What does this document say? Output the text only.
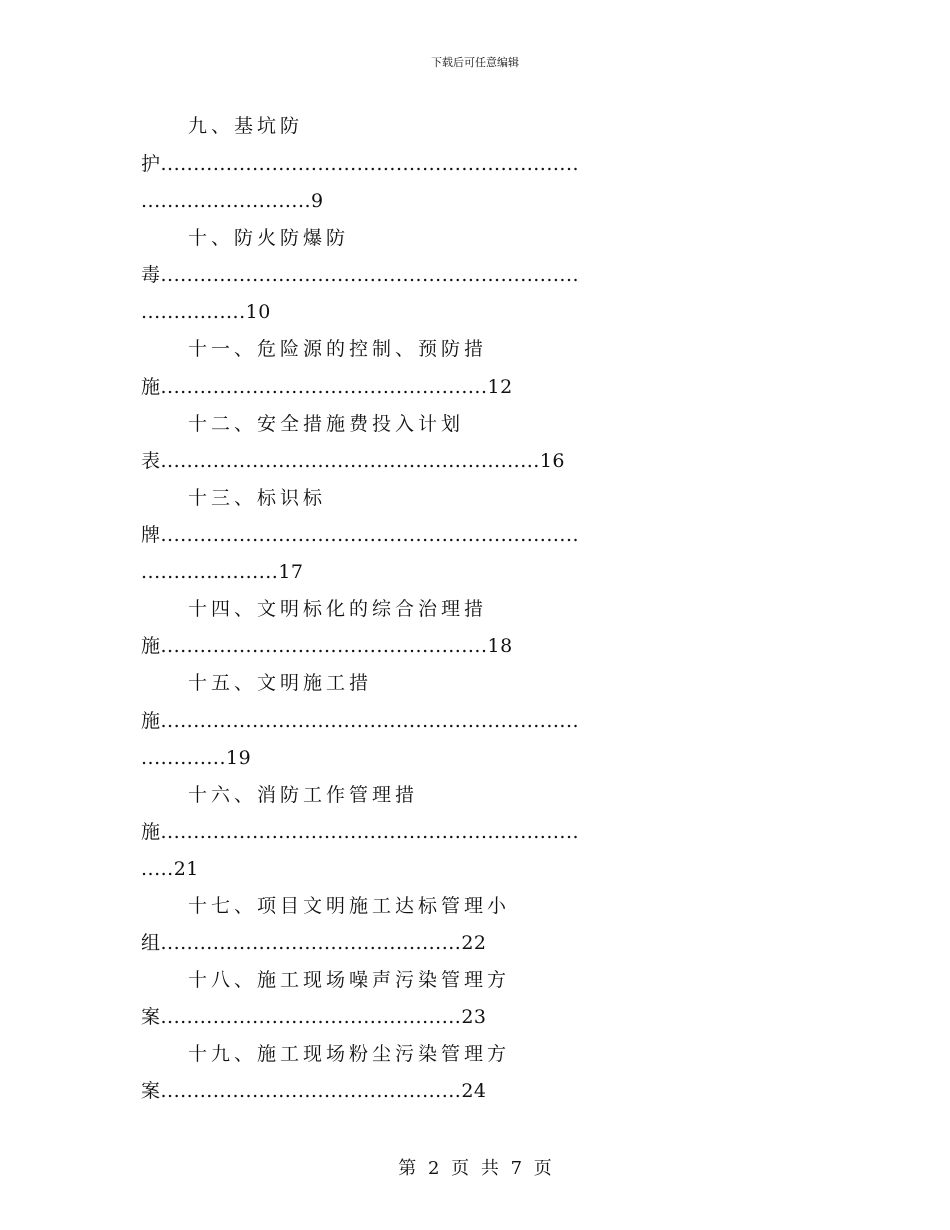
下载后可任意编辑
九、基坑防
护................................................................
..........................9
十、防火防爆防
毒................................................................
................10
十一、危险源的控制、预防措
施..................................................12
十二、安全措施费投入计划
表..........................................................16
十三、标识标
牌................................................................
.....................17
十四、文明标化的综合治理措
施..................................................18
十五、文明施工措
施................................................................
.............19
十六、消防工作管理措
施................................................................
.....21
十七、项目文明施工达标管理小
组..............................................22
十八、施工现场噪声污染管理方
案..............................................23
十九、施工现场粉尘污染管理方
案..............................................24
第 2 页 共 7 页
